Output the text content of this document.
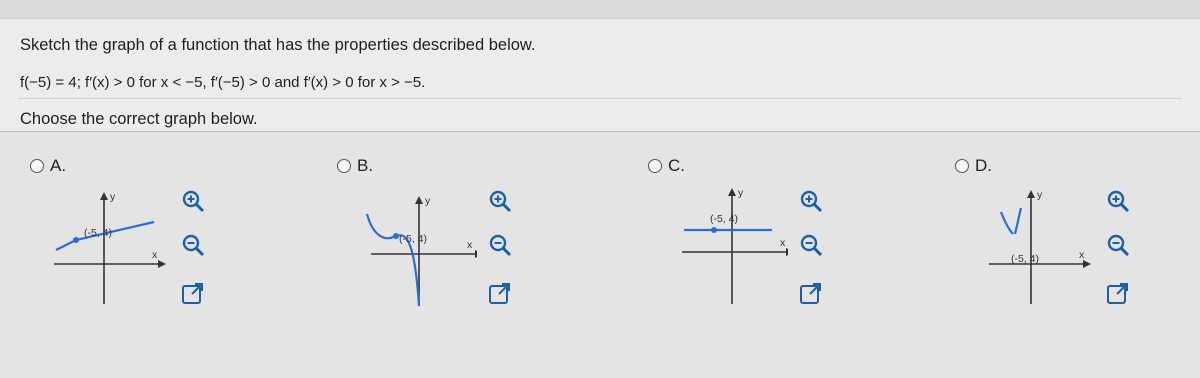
Sketch the graph of a function that has the properties described below.
f(−5) = 4; f′(x) > 0 for x < −5, f′(−5) > 0 and f′(x) > 0 for x > −5.
Choose the correct graph below.
A.
y
x
(-5, 4)
B.
y
x
(-5, 4)
C.
y
x
(-5, 4)
D.
y
x
(-5, 4)
